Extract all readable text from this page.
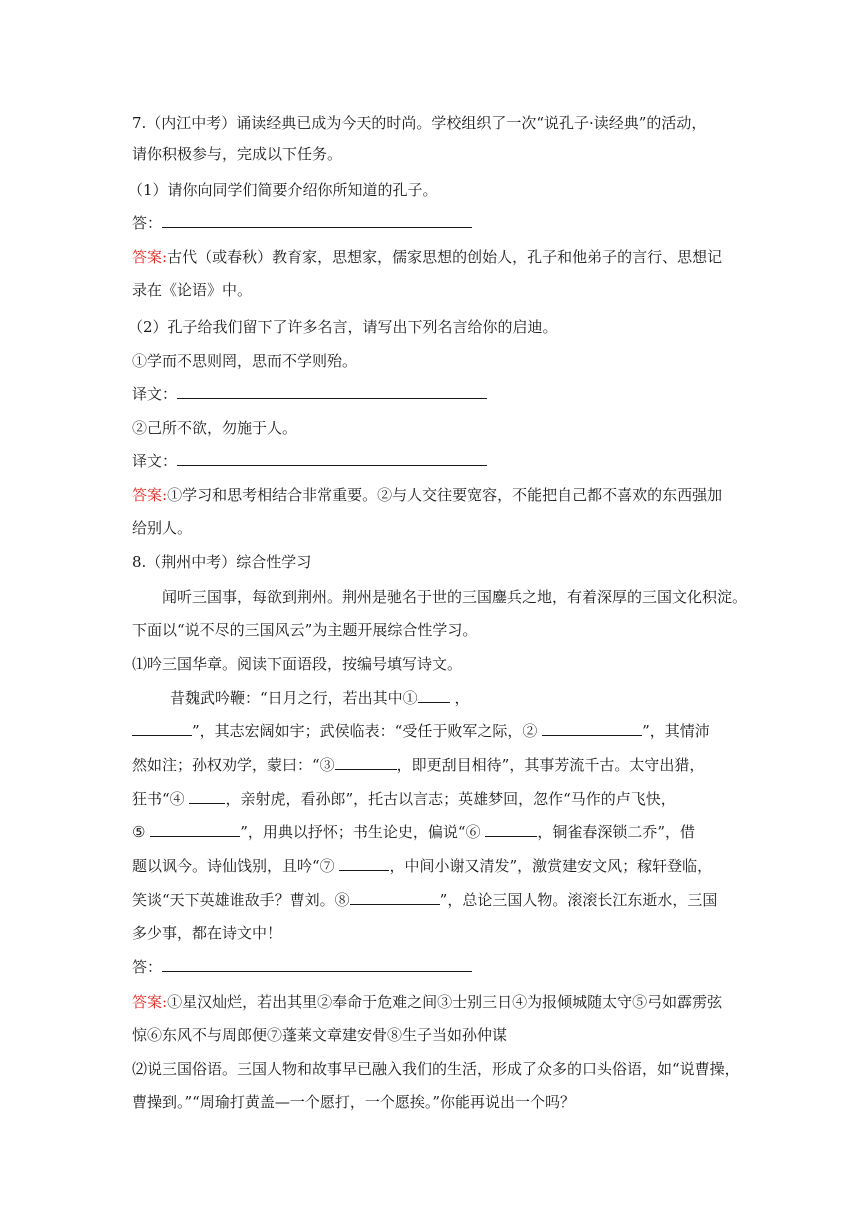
7.（内江中考）诵读经典已成为今天的时尚。学校组织了一次“说孔子·读经典”的活动，
请你积极参与，完成以下任务。
（1）请你向同学们简要介绍你所知道的孔子。
答：
答案:古代（或春秋）教育家，思想家，儒家思想的创始人，孔子和他弟子的言行、思想记
录在《论语》中。
（2）孔子给我们留下了许多名言，请写出下列名言给你的启迪。
①学而不思则罔，思而不学则殆。
译文：
②己所不欲，勿施于人。
译文：
答案:①学习和思考相结合非常重要。②与人交往要宽容，不能把自己都不喜欢的东西强加
给别人。
8.（荆州中考）综合性学习
闻听三国事，每欲到荆州。荆州是驰名于世的三国鏖兵之地，有着深厚的三国文化积淀。
下面以“说不尽的三国风云”为主题开展综合性学习。
⑴吟三国华章。阅读下面语段，按编号填写诗文。
昔魏武吟鞭：“日月之行，若出其中① ，
”，其志宏阔如宇；武侯临表：“受任于败军之际，②	”，其情沛
然如注；孙权劝学，蒙曰：“③	，即更刮目相待”，其事芳流千古。太守出猎，
狂书“④	，亲射虎，看孙郎”，托古以言志；英雄梦回，忽作“马作的卢飞快，
⑤	”，用典以抒怀；书生论史，偏说“⑥	，铜雀春深锁二乔”，借
题以讽今。诗仙饯别，且吟“⑦	，中间小谢又清发”，激赏建安文风；稼轩登临，
笑谈“天下英雄谁敌手？曹刘。⑧	”，总论三国人物。滚滚长江东逝水，三国
多少事，都在诗文中！
答：
答案:①星汉灿烂，若出其里②奉命于危难之间③士别三日④为报倾城随太守⑤弓如霹雳弦
惊⑥东风不与周郎便⑦蓬莱文章建安骨⑧生子当如孙仲谋
⑵说三国俗语。三国人物和故事早已融入我们的生活，形成了众多的口头俗语，如“说曹操，
曹操到。”“周瑜打黄盖—一个愿打，一个愿挨。”你能再说出一个吗？
